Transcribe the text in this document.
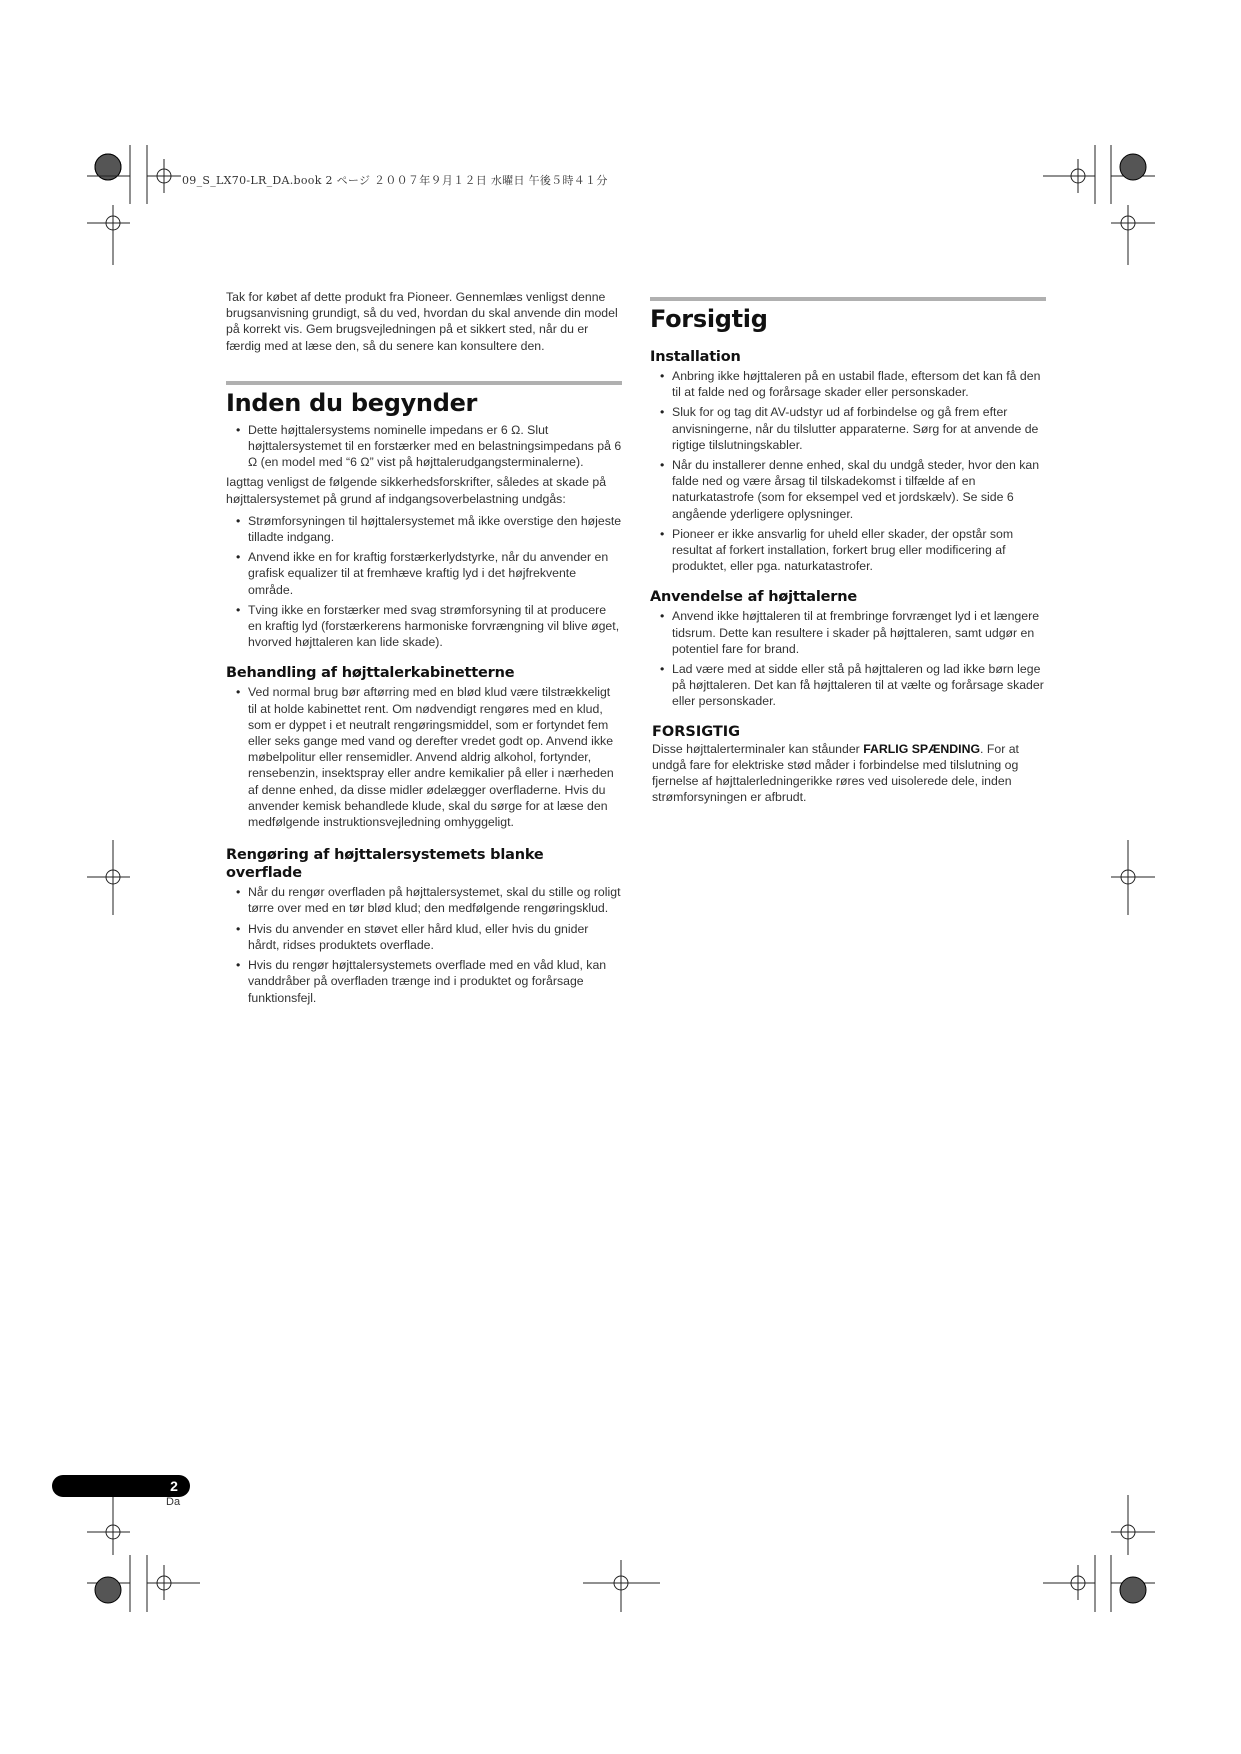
09_S_LX70-LR_DA.book 2 ページ ２００７年９月１２日 水曜日 午後５時４１分

Tak for købet af dette produkt fra Pioneer. Gennemlæs venligst denne brugsanvisning grundigt, så du ved, hvordan du skal anvende din model på korrekt vis. Gem brugsvejledningen på et sikkert sted, når du er færdig med at læse den, så du senere kan konsultere den.

Inden du begynder
• Dette højttalersystems nominelle impedans er 6 Ω. Slut højttalersystemet til en forstærker med en belastningsimpedans på 6 Ω (en model med “6 Ω” vist på højttalerudgangsterminalerne).

Iagttag venligst de følgende sikkerhedsforskrifter, således at skade på højttalersystemet på grund af indgangsoverbelastning undgås:

• Strømforsyningen til højttalersystemet må ikke overstige den højeste tilladte indgang.
• Anvend ikke en for kraftig forstærkerlydstyrke, når du anvender en grafisk equalizer til at fremhæve kraftig lyd i det højfrekvente område.
• Tving ikke en forstærker med svag strømforsyning til at producere en kraftig lyd (forstærkerens harmoniske forvrængning vil blive øget, hvorved højttaleren kan lide skade).
Behandling af højttalerkabinetterne
• Ved normal brug bør aftørring med en blød klud være tilstrækkeligt til at holde kabinettet rent. Om nødvendigt rengøres med en klud, som er dyppet i et neutralt rengøringsmiddel, som er fortyndet fem eller seks gange med vand og derefter vredet godt op. Anvend ikke møbelpolitur eller rensemidler. Anvend aldrig alkohol, fortynder, rensebenzin, insektspray eller andre kemikalier på eller i nærheden af denne enhed, da disse midler ødelægger overfladerne. Hvis du anvender kemisk behandlede klude, skal du sørge for at læse den medfølgende instruktionsvejledning omhyggeligt.
Rengøring af højttalersystemets blanke overflade
• Når du rengør overfladen på højttalersystemet, skal du stille og roligt tørre over med en tør blød klud; den medfølgende rengøringsklud.
• Hvis du anvender en støvet eller hård klud, eller hvis du gnider hårdt, ridses produktets overflade.
• Hvis du rengør højttalersystemets overflade med en våd klud, kan vanddråber på overfladen trænge ind i produktet og forårsage funktionsfejl.
Forsigtig
Installation
• Anbring ikke højttaleren på en ustabil flade, eftersom det kan få den til at falde ned og forårsage skader eller personskader.
• Sluk for og tag dit AV-udstyr ud af forbindelse og gå frem efter anvisningerne, når du tilslutter apparaterne. Sørg for at anvende de rigtige tilslutningskabler.
• Når du installerer denne enhed, skal du undgå steder, hvor den kan falde ned og være årsag til tilskadekomst i tilfælde af en naturkatastrofe (som for eksempel ved et jordskælv). Se side 6 angående yderligere oplysninger.
• Pioneer er ikke ansvarlig for uheld eller skader, der opstår som resultat af forkert installation, forkert brug eller modificering af produktet, eller pga. naturkatastrofer.
Anvendelse af højttalerne
• Anvend ikke højttaleren til at frembringe forvrænget lyd i et længere tidsrum. Dette kan resultere i skader på højttaleren, samt udgør en potentiel fare for brand.
• Lad være med at sidde eller stå på højttaleren og lad ikke børn lege på højttaleren. Det kan få højttaleren til at vælte og forårsage skader eller personskader.
FORSIGTIG

Disse højttalerterminaler kan ståunder FARLIG SPÆNDING. For at undgå fare for elektriske stød måder i forbindelse med tilslutning og fjernelse af højttalerledningerikke røres ved uisolerede dele, inden strømforsyningen er afbrudt.

2
Da
